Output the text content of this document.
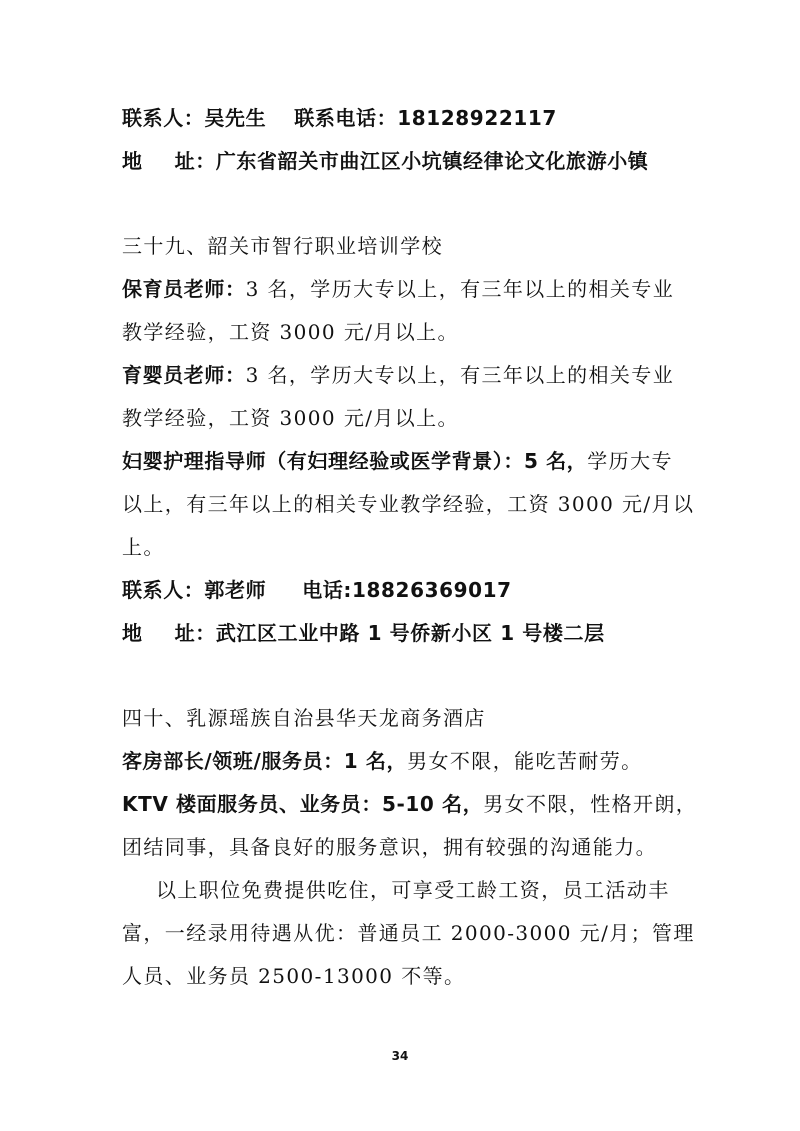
联系人：吴先生 联系电话：18128922117
地 址：广东省韶关市曲江区小坑镇经律论文化旅游小镇
三十九、韶关市智行职业培训学校
保育员老师：3 名，学历大专以上，有三年以上的相关专业
教学经验，工资 3000 元/月以上。
育婴员老师：3 名，学历大专以上，有三年以上的相关专业
教学经验，工资 3000 元/月以上。
妇婴护理指导师（有妇理经验或医学背景）：5 名，学历大专
以上，有三年以上的相关专业教学经验，工资 3000 元/月以
上。
联系人：郭老师 电话:18826369017
地 址：武江区工业中路 1 号侨新小区 1 号楼二层
四十、乳源瑶族自治县华天龙商务酒店
客房部长/领班/服务员：1 名，男女不限，能吃苦耐劳。
KTV 楼面服务员、业务员：5-10 名，男女不限，性格开朗，
团结同事，具备良好的服务意识，拥有较强的沟通能力。
以上职位免费提供吃住，可享受工龄工资，员工活动丰
富，一经录用待遇从优：普通员工 2000-3000 元/月；管理
人员、业务员 2500-13000 不等。
34
